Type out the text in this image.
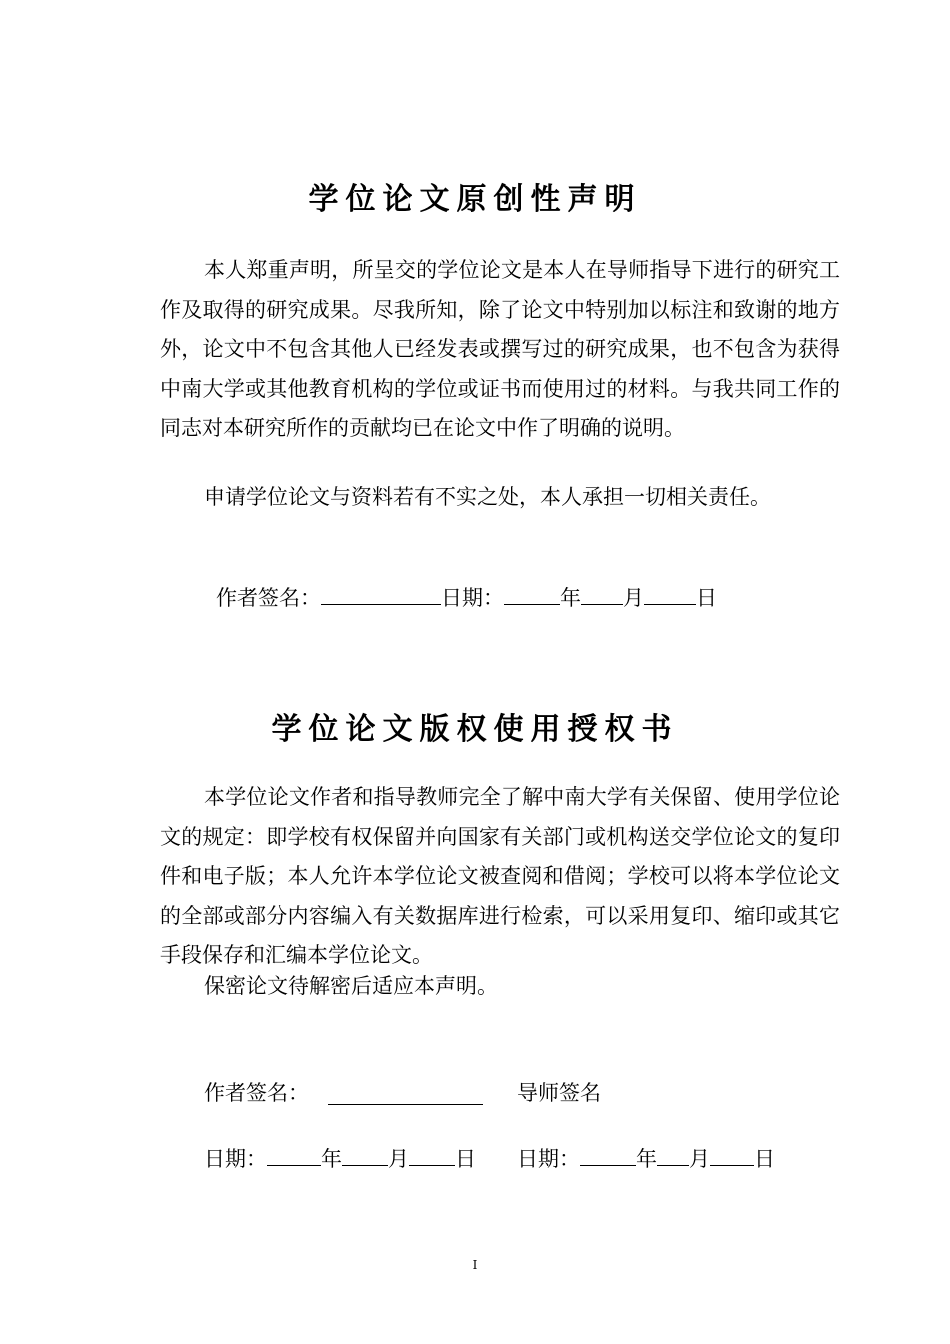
学位论文原创性声明
本人郑重声明，所呈交的学位论文是本人在导师指导下进行的研究工作及取得的研究成果。尽我所知，除了论文中特别加以标注和致谢的地方外，论文中不包含其他人已经发表或撰写过的研究成果，也不包含为获得中南大学或其他教育机构的学位或证书而使用过的材料。与我共同工作的同志对本研究所作的贡献均已在论文中作了明确的说明。
申请学位论文与资料若有不实之处，本人承担一切相关责任。
作者签名：	日期：	年 月 日
学位论文版权使用授权书
本学位论文作者和指导教师完全了解中南大学有关保留、使用学位论文的规定：即学校有权保留并向国家有关部门或机构送交学位论文的复印件和电子版；本人允许本学位论文被查阅和借阅；学校可以将本学位论文的全部或部分内容编入有关数据库进行检索，可以采用复印、缩印或其它手段保存和汇编本学位论文。
保密论文待解密后适应本声明。
作者签名：	导师签名
日期：	年 月 日 日期：	年 月 日
I
